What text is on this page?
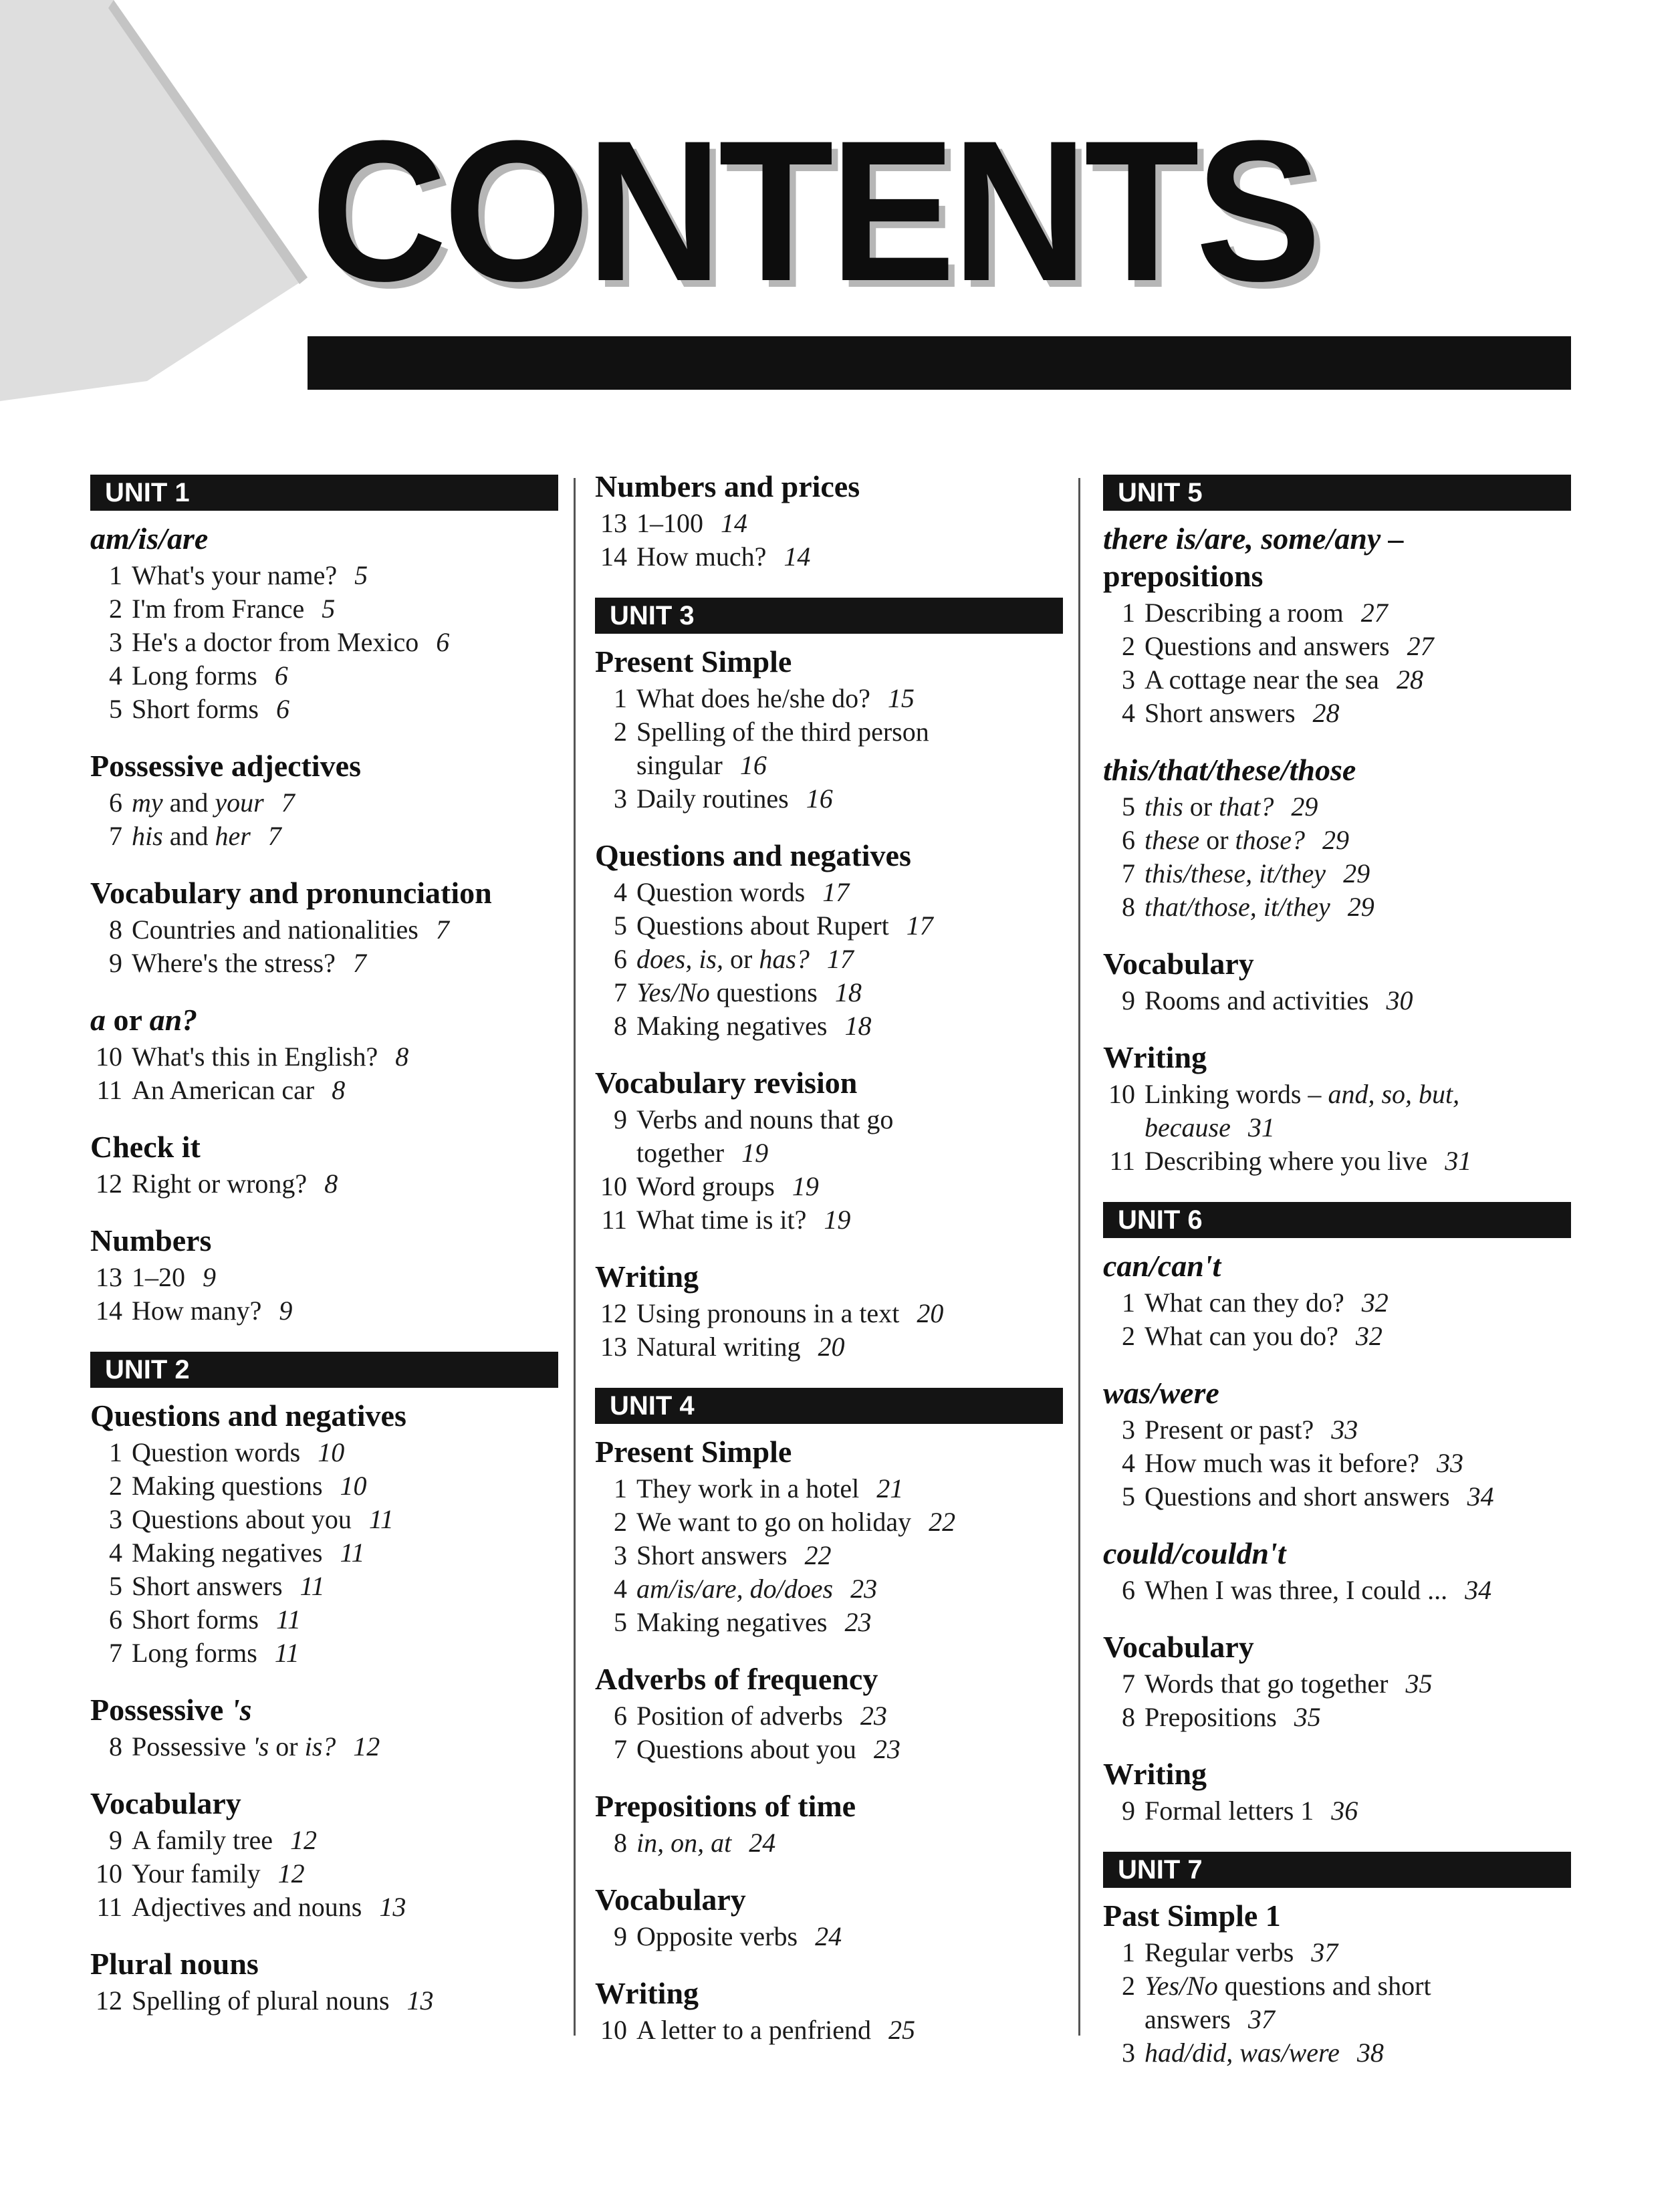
CONTENTS
UNIT 1
am/is/are
1 What's your name? 5
2 I'm from France 5
3 He's a doctor from Mexico 6
4 Long forms 6
5 Short forms 6
Possessive adjectives
6 my and your 7
7 his and her 7
Vocabulary and pronunciation
8 Countries and nationalities 7
9 Where's the stress? 7
a or an?
10 What's this in English? 8
11 An American car 8
Check it
12 Right or wrong? 8
Numbers
13 1–20 9
14 How many? 9
UNIT 2
Questions and negatives
1 Question words 10
2 Making questions 10
3 Questions about you 11
4 Making negatives 11
5 Short answers 11
6 Short forms 11
7 Long forms 11
Possessive 's
8 Possessive 's or is? 12
Vocabulary
9 A family tree 12
10 Your family 12
11 Adjectives and nouns 13
Plural nouns
12 Spelling of plural nouns 13
Numbers and prices
13 1–100 14
14 How much? 14
UNIT 3
Present Simple
1 What does he/she do? 15
2 Spelling of the third person
singular 16
3 Daily routines 16
Questions and negatives
4 Question words 17
5 Questions about Rupert 17
6 does, is, or has? 17
7 Yes/No questions 18
8 Making negatives 18
Vocabulary revision
9 Verbs and nouns that go
together 19
10 Word groups 19
11 What time is it? 19
Writing
12 Using pronouns in a text 20
13 Natural writing 20
UNIT 4
Present Simple
1 They work in a hotel 21
2 We want to go on holiday 22
3 Short answers 22
4 am/is/are, do/does 23
5 Making negatives 23
Adverbs of frequency
6 Position of adverbs 23
7 Questions about you 23
Prepositions of time
8 in, on, at 24
Vocabulary
9 Opposite verbs 24
Writing
10 A letter to a penfriend 25
UNIT 5
there is/are, some/any –
prepositions
1 Describing a room 27
2 Questions and answers 27
3 A cottage near the sea 28
4 Short answers 28
this/that/these/those
5 this or that? 29
6 these or those? 29
7 this/these, it/they 29
8 that/those, it/they 29
Vocabulary
9 Rooms and activities 30
Writing
10 Linking words – and, so, but,
because 31
11 Describing where you live 31
UNIT 6
can/can't
1 What can they do? 32
2 What can you do? 32
was/were
3 Present or past? 33
4 How much was it before? 33
5 Questions and short answers 34
could/couldn't
6 When I was three, I could ... 34
Vocabulary
7 Words that go together 35
8 Prepositions 35
Writing
9 Formal letters 1 36
UNIT 7
Past Simple 1
1 Regular verbs 37
2 Yes/No questions and short
answers 37
3 had/did, was/were 38
